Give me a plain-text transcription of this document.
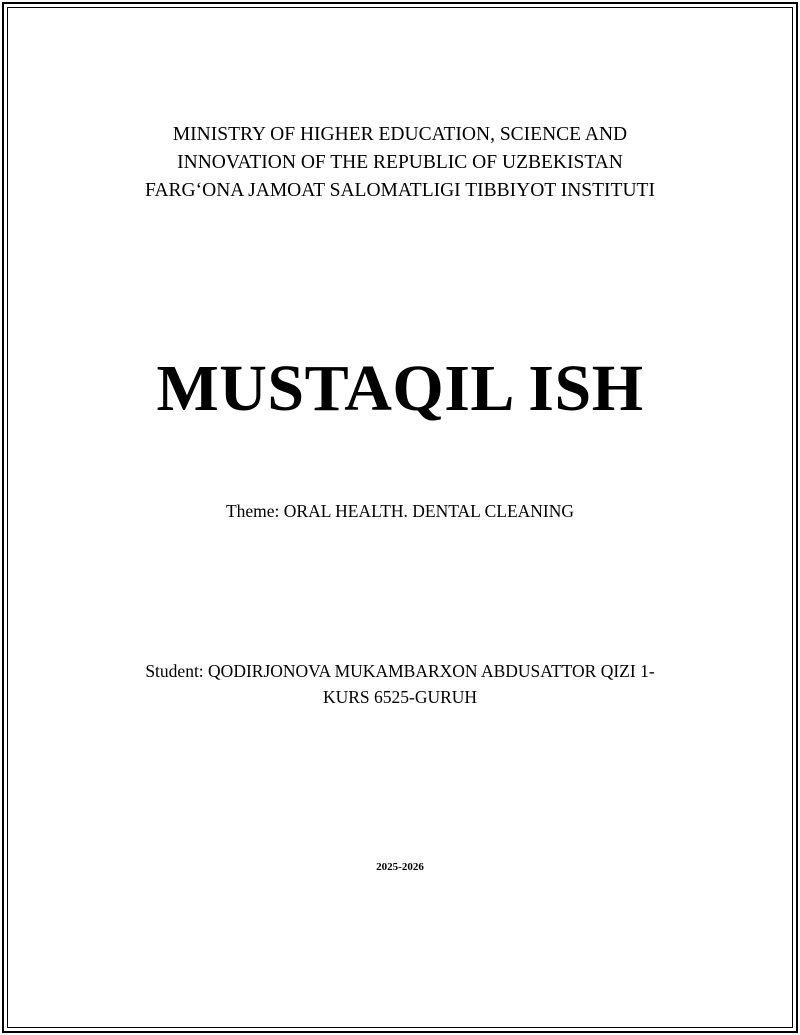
MINISTRY OF HIGHER EDUCATION, SCIENCE AND
INNOVATION OF THE REPUBLIC OF UZBEKISTAN
FARG‘ONA JAMOAT SALOMATLIGI TIBBIYOT INSTITUTI
MUSTAQIL ISH
Theme: ORAL HEALTH. DENTAL CLEANING
Student: QODIRJONOVA MUKAMBARXON ABDUSATTOR QIZI 1-
KURS 6525-GURUH
2025-2026
